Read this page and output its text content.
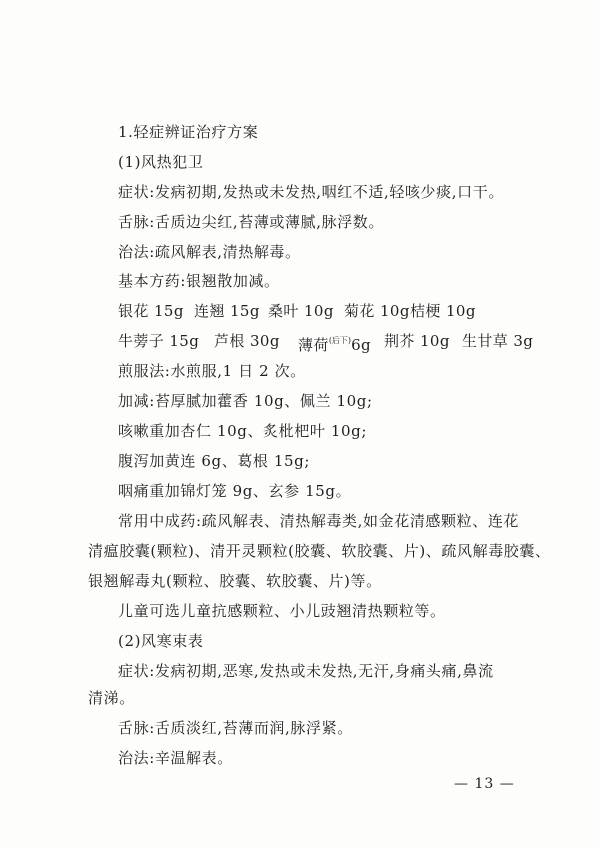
1.轻症辨证治疗方案
(1)风热犯卫
症状:发病初期,发热或未发热,咽红不适,轻咳少痰,口干。
舌脉:舌质边尖红,苔薄或薄腻,脉浮数。
治法:疏风解表,清热解毒。
基本方药:银翘散加减。
银花 15g 连翘 15g 桑叶 10g 菊花 10g 桔梗 10g
牛蒡子 15g 芦根 30g 薄荷$^{(后下)}$6g 荆芥 10g 生甘草 3g
煎服法:水煎服,1 日 2 次。
加减:苔厚腻加藿香 10g、佩兰 10g;
咳嗽重加杏仁 10g、炙枇杷叶 10g;
腹泻加黄连 6g、葛根 15g;
咽痛重加锦灯笼 9g、玄参 15g。
常用中成药:疏风解表、清热解毒类,如金花清感颗粒、连花
清瘟胶囊(颗粒)、清开灵颗粒(胶囊、软胶囊、片)、疏风解毒胶囊、
银翘解毒丸(颗粒、胶囊、软胶囊、片)等。
儿童可选儿童抗感颗粒、小儿豉翘清热颗粒等。
(2)风寒束表
症状:发病初期,恶寒,发热或未发热,无汗,身痛头痛,鼻流
清涕。
舌脉:舌质淡红,苔薄而润,脉浮紧。
治法:辛温解表。
— 13 —
